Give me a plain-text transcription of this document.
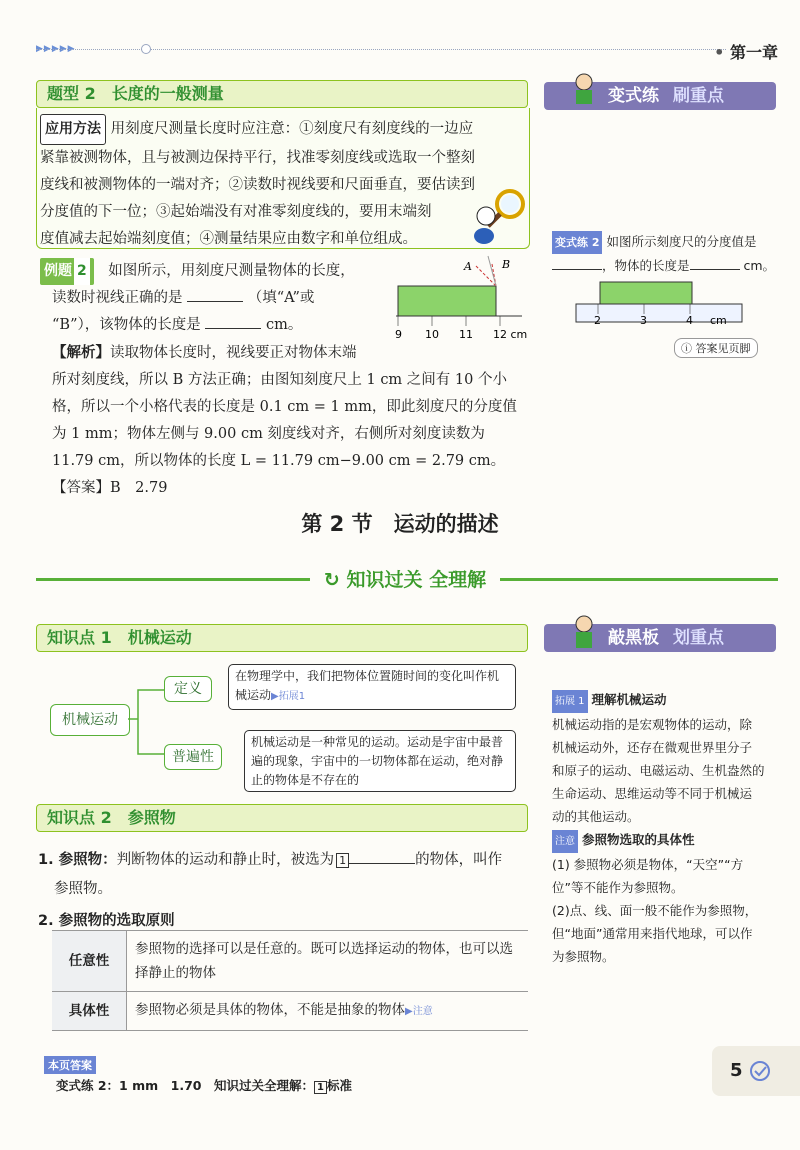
▶▶▶▶▶	• 第一章
题型 2　长度的一般测量
应用方法 用刻度尺测量长度时应注意：①刻度尺有刻度线的一边应
紧靠被测物体，且与被测边保持平行，找准零刻度线或选取一个整刻
度线和被测物体的一端对齐；②读数时视线要和尺面垂直，要估读到
分度值的下一位；③起始端没有对准零刻度线的，要用末端刻
度值减去起始端刻度值；④测量结果应由数字和单位组成。
例题 2　 如图所示，用刻度尺测量物体的长度，
读数时视线正确的是	（填“A”或
“B”），该物体的长度是	cm。
A	B
9 10 11 12 cm
【解析】读取物体长度时，视线要正对物体末端
所对刻度线，所以 B 方法正确；由图知刻度尺上 1 cm 之间有 10 个小
格，所以一个小格代表的长度是 0.1 cm = 1 mm，即此刻度尺的分度值
为 1 mm；物体左侧与 9.00 cm 刻度线对齐，右侧所对刻度读数为
11.79 cm，所以物体的长度 L = 11.79 cm−9.00 cm = 2.79 cm。
【答案】B　2.79
变式练 刷重点
变式练 2 如图所示刻度尺的分度值是
，物体的长度是	cm。
2	3	4 cm
ⓘ 答案见页脚
第 2 节　运动的描述
↻ 知识过关 全理解
知识点 1　机械运动
机械运动
定义
普遍性
在物理学中，我们把物体位置随时间的变化叫作机械运动▶拓展1
机械运动是一种常见的运动。运动是宇宙中最普遍的现象，宇宙中的一切物体都在运动，绝对静止的物体是不存在的
敲黑板 划重点
拓展 1 理解机械运动
机械运动指的是宏观物体的运动，除
机械运动外，还存在微观世界里分子
和原子的运动、电磁运动、生机盎然的
生命运动、思维运动等不同于机械运
动的其他运动。
注意 参照物选取的具体性
(1) 参照物必须是物体，“天空”“方
位”等不能作为参照物。
(2)点、线、面一般不能作为参照物，
但“地面”通常用来指代地球，可以作
为参照物。
知识点 2　参照物
1. 参照物：判断物体的运动和静止时，被选为 1	的物体，叫作
参照物。
2. 参照物的选取原则
任意性	参照物的选择可以是任意的。既可以选择运动的物体，也可以选择静止的物体
具体性	参照物必须是具体的物体，不能是抽象的物体▶注意
本页答案
变式练 2：1 mm　1.70　知识过关全理解： 1 标准
5
